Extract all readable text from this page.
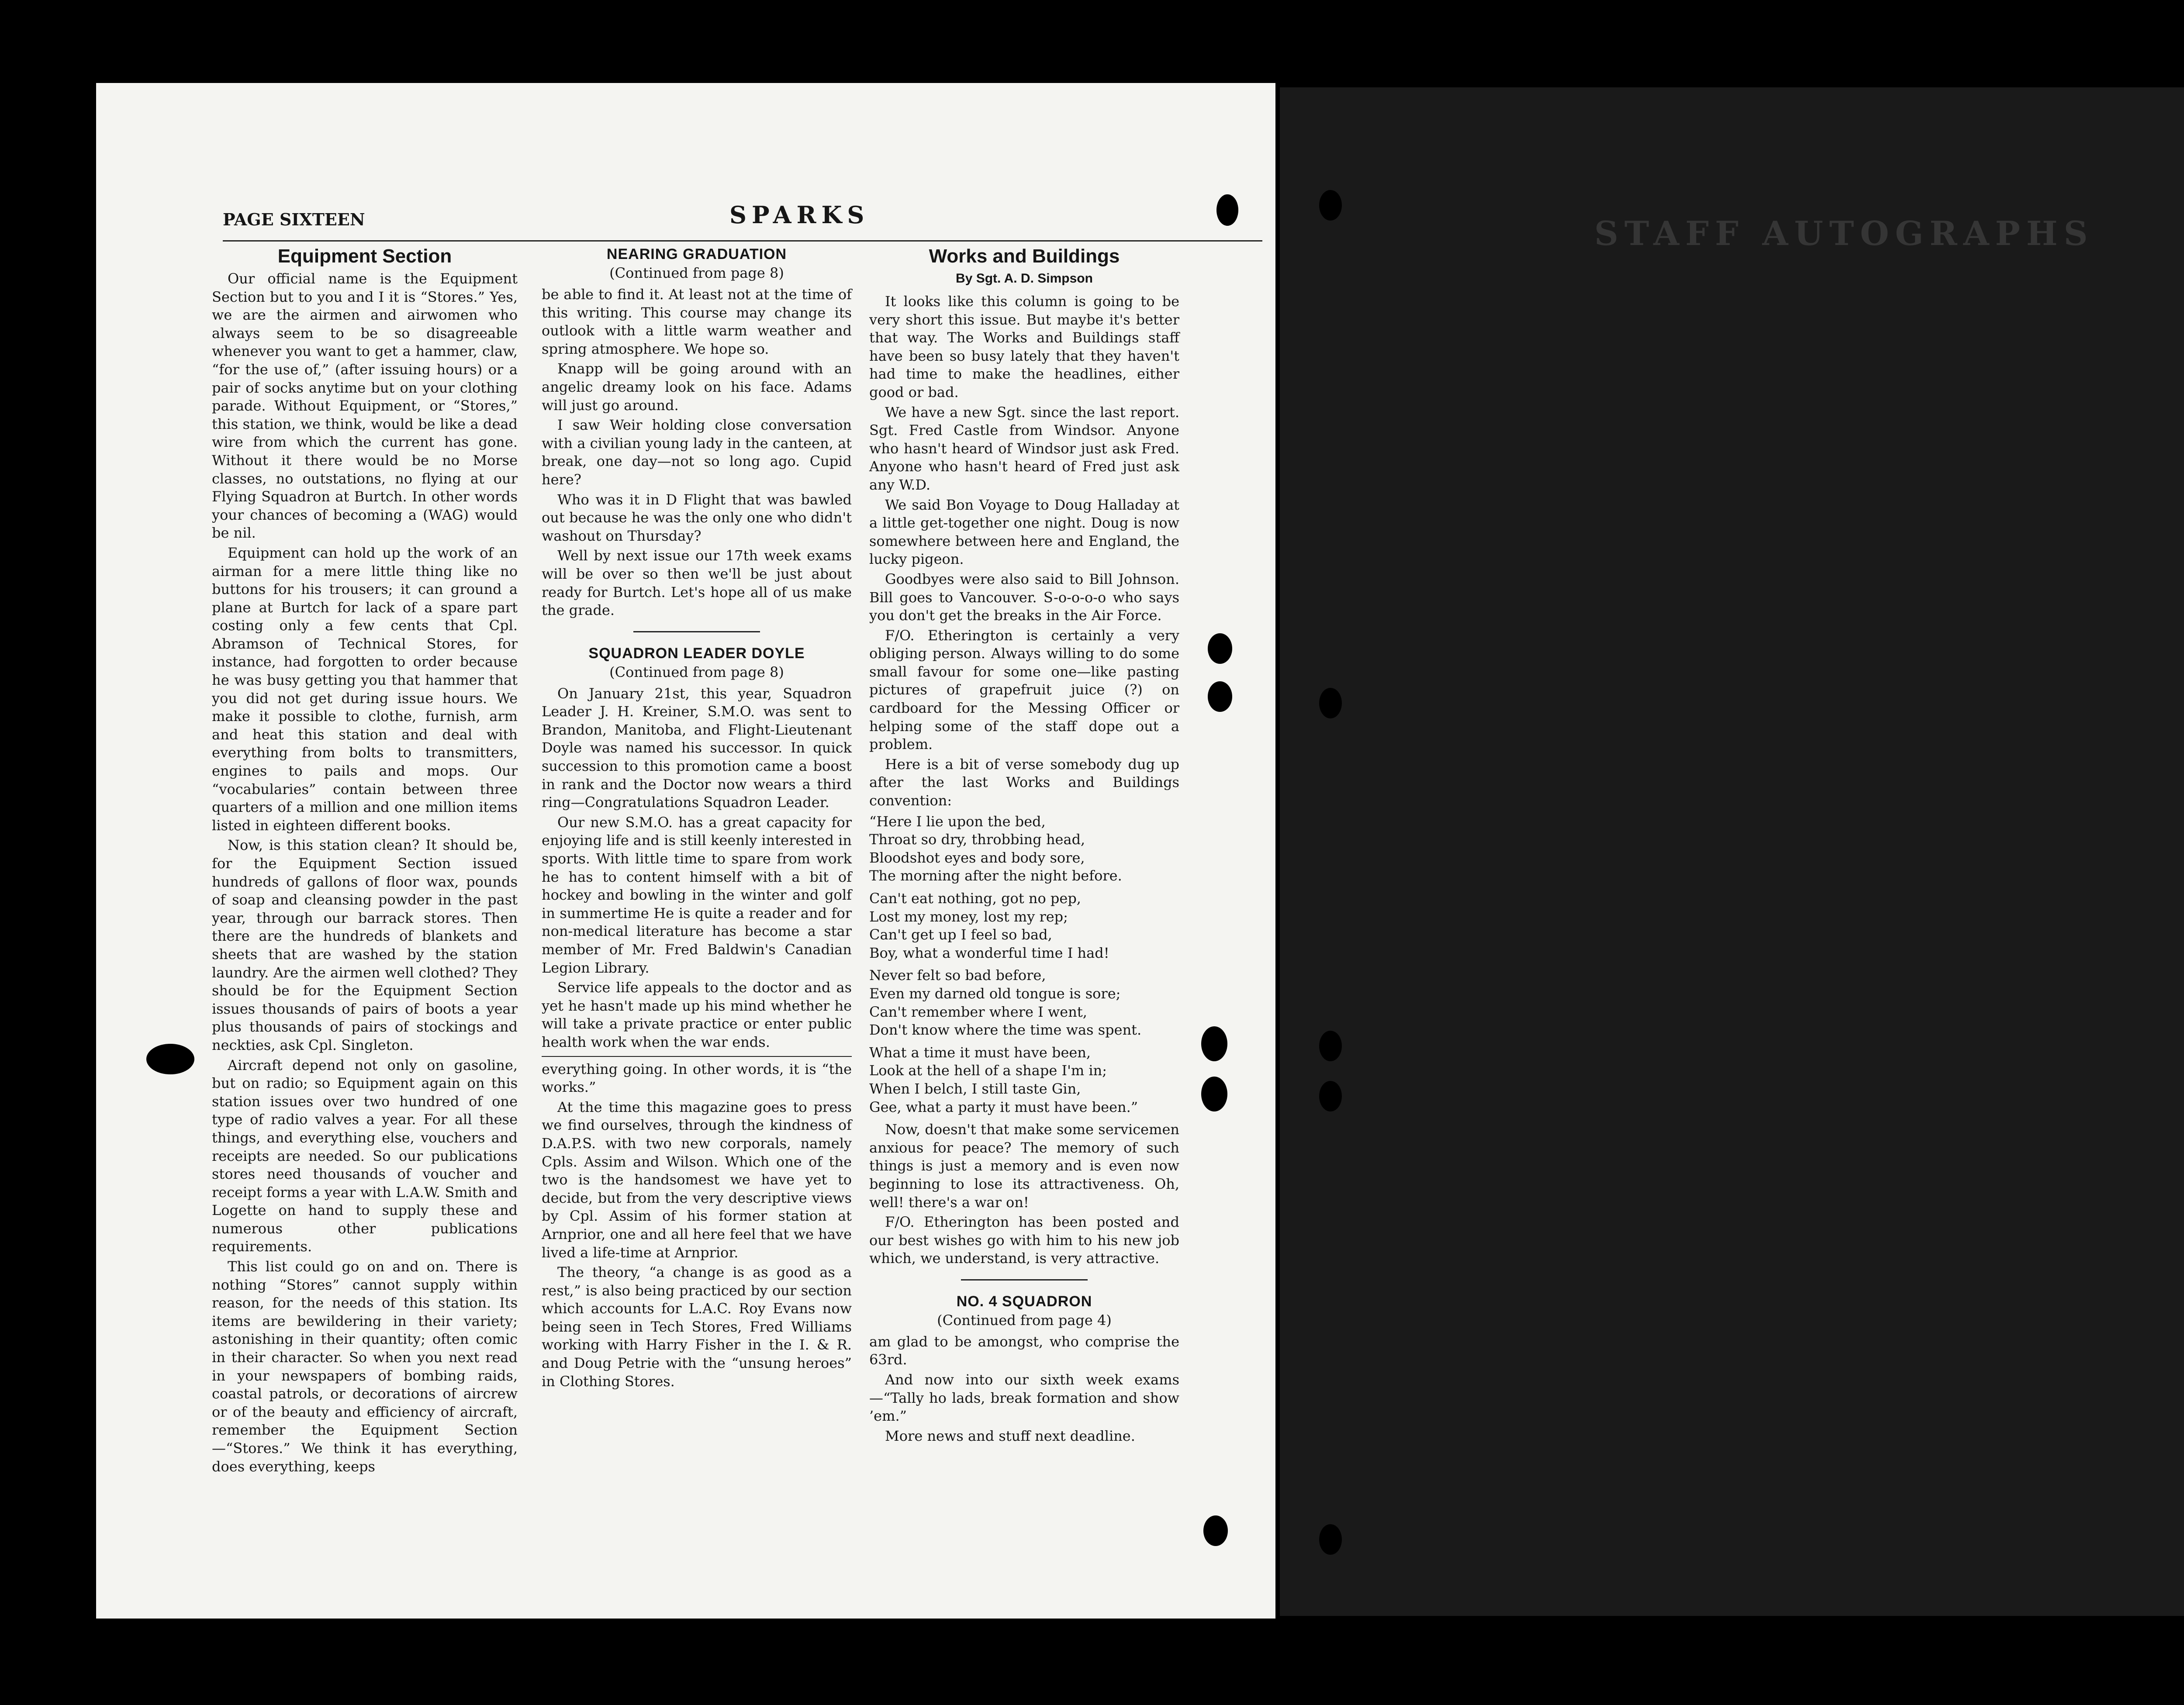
PAGE SIXTEEN	SPARKS
Equipment Section

Our official name is the Equipment Section but to you and I it is “Stores.” Yes, we are the airmen and airwomen who always seem to be so disagreeable whenever you want to get a hammer, claw, “for the use of,” (after issuing hours) or a pair of socks anytime but on your clothing parade. Without Equipment, or “Stores,” this station, we think, would be like a dead wire from which the current has gone. Without it there would be no Morse classes, no outstations, no flying at our Flying Squadron at Burtch. In other words your chances of becoming a (WAG) would be nil.

Equipment can hold up the work of an airman for a mere little thing like no buttons for his trousers; it can ground a plane at Burtch for lack of a spare part costing only a few cents that Cpl. Abramson of Technical Stores, for instance, had forgotten to order because he was busy getting you that hammer that you did not get during issue hours. We make it possible to clothe, furnish, arm and heat this station and deal with everything from bolts to transmitters, engines to pails and mops. Our “vocabularies” contain between three quarters of a million and one million items listed in eighteen different books.

Now, is this station clean? It should be, for the Equipment Section issued hundreds of gallons of floor wax, pounds of soap and cleansing powder in the past year, through our barrack stores. Then there are the hundreds of blankets and sheets that are washed by the station laundry. Are the airmen well clothed? They should be for the Equipment Section issues thousands of pairs of boots a year plus thousands of pairs of stockings and neckties, ask Cpl. Singleton.

Aircraft depend not only on gasoline, but on radio; so Equipment again on this station issues over two hundred of one type of radio valves a year. For all these things, and everything else, vouchers and receipts are needed. So our publications stores need thousands of voucher and receipt forms a year with L.A.W. Smith and Logette on hand to supply these and numerous other publications requirements.

This list could go on and on. There is nothing “Stores” cannot supply within reason, for the needs of this station. Its items are bewildering in their variety; astonishing in their quantity; often comic in their character. So when you next read in your newspapers of bombing raids, coastal patrols, or decorations of aircrew or of the beauty and efficiency of aircraft, remember the Equipment Section—“Stores.” We think it has everything, does everything, keeps

NEARING GRADUATION
(Continued from page 8)

be able to find it. At least not at the time of this writing. This course may change its outlook with a little warm weather and spring atmosphere. We hope so.

Knapp will be going around with an angelic dreamy look on his face. Adams will just go around.

I saw Weir holding close conversation with a civilian young lady in the canteen, at break, one day—not so long ago. Cupid here?

Who was it in D Flight that was bawled out because he was the only one who didn't washout on Thursday?

Well by next issue our 17th week exams will be over so then we'll be just about ready for Burtch. Let's hope all of us make the grade.

SQUADRON LEADER DOYLE
(Continued from page 8)

On January 21st, this year, Squadron Leader J. H. Kreiner, S.M.O. was sent to Brandon, Manitoba, and Flight-Lieutenant Doyle was named his successor. In quick succession to this promotion came a boost in rank and the Doctor now wears a third ring—Congratulations Squadron Leader.

Our new S.M.O. has a great capacity for enjoying life and is still keenly interested in sports. With little time to spare from work he has to content himself with a bit of hockey and bowling in the winter and golf in summertime He is quite a reader and for non-medical literature has become a star member of Mr. Fred Baldwin's Canadian Legion Library.

Service life appeals to the doctor and as yet he hasn't made up his mind whether he will take a private practice or enter public health work when the war ends.

everything going. In other words, it is “the works.”

At the time this magazine goes to press we find ourselves, through the kindness of D.A.P.S. with two new corporals, namely Cpls. Assim and Wilson. Which one of the two is the handsomest we have yet to decide, but from the very descriptive views by Cpl. Assim of his former station at Arnprior, one and all here feel that we have lived a life-time at Arnprior.

The theory, “a change is as good as a rest,” is also being practiced by our section which accounts for L.A.C. Roy Evans now being seen in Tech Stores, Fred Williams working with Harry Fisher in the I. & R. and Doug Petrie with the “unsung heroes” in Clothing Stores.

Works and Buildings
By Sgt. A. D. Simpson

It looks like this column is going to be very short this issue. But maybe it's better that way. The Works and Buildings staff have been so busy lately that they haven't had time to make the headlines, either good or bad.

We have a new Sgt. since the last report. Sgt. Fred Castle from Windsor. Anyone who hasn't heard of Windsor just ask Fred. Anyone who hasn't heard of Fred just ask any W.D.

We said Bon Voyage to Doug Halladay at a little get-together one night. Doug is now somewhere between here and England, the lucky pigeon.

Goodbyes were also said to Bill Johnson. Bill goes to Vancouver. S-o-o-o-o who says you don't get the breaks in the Air Force.

F/O. Etherington is certainly a very obliging person. Always willing to do some small favour for some one—like pasting pictures of grapefruit juice (?) on cardboard for the Messing Officer or helping some of the staff dope out a problem.

Here is a bit of verse somebody dug up after the last Works and Buildings convention:

“Here I lie upon the bed,
Throat so dry, throbbing head,
Bloodshot eyes and body sore,
The morning after the night before.
Can't eat nothing, got no pep,
Lost my money, lost my rep;
Can't get up I feel so bad,
Boy, what a wonderful time I had!
Never felt so bad before,
Even my darned old tongue is sore;
Can't remember where I went,
Don't know where the time was spent.
What a time it must have been,
Look at the hell of a shape I'm in;
When I belch, I still taste Gin,
Gee, what a party it must have been.”

Now, doesn't that make some servicemen anxious for peace? The memory of such things is just a memory and is even now beginning to lose its attractiveness. Oh, well! there's a war on!

F/O. Etherington has been posted and our best wishes go with him to his new job which, we understand, is very attractive.

NO. 4 SQUADRON
(Continued from page 4)

am glad to be amongst, who comprise the 63rd.

And now into our sixth week exams—“Tally ho lads, break formation and show ’em.”

More news and stuff next deadline.

STAFF AUTOGRAPHS
